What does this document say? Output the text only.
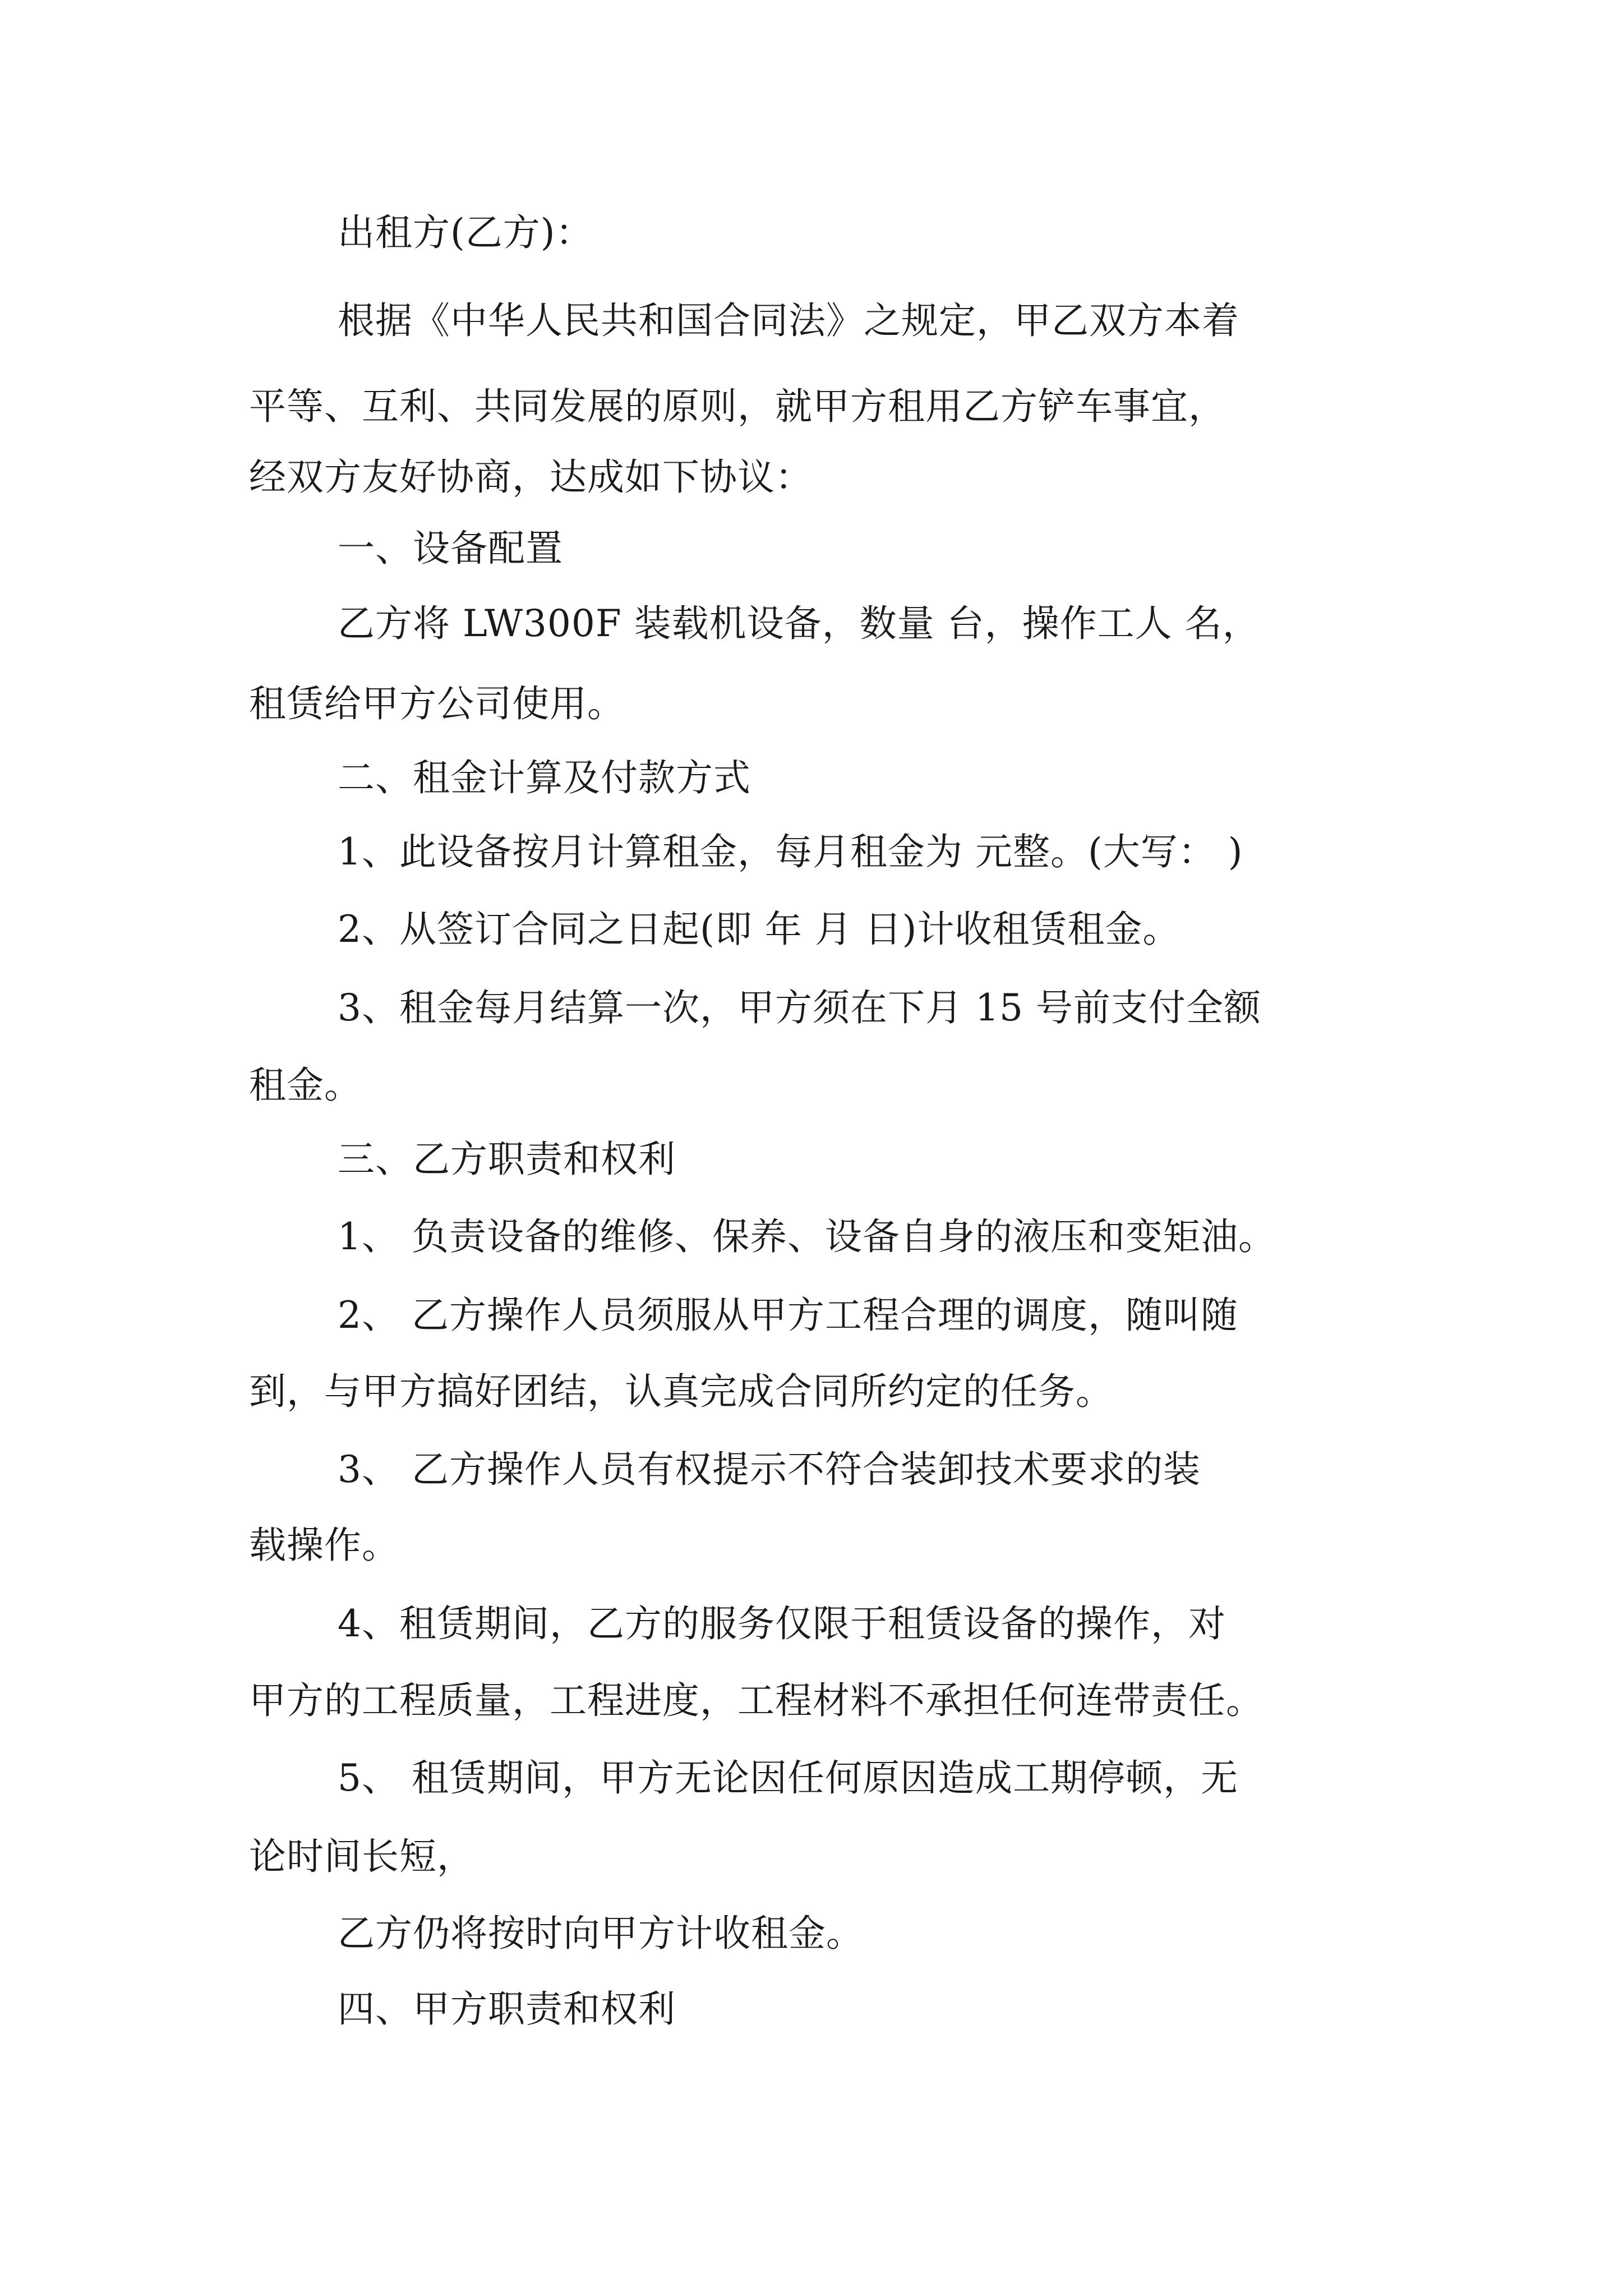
出租方(乙方)：

根据《中华人民共和国合同法》之规定，甲乙双方本着

平等、互利、共同发展的原则，就甲方租用乙方铲车事宜，

经双方友好协商，达成如下协议：

一、设备配置

乙方将 LW300F 装载机设备，数量 台，操作工人 名，

租赁给甲方公司使用。

二、租金计算及付款方式

1、此设备按月计算租金，每月租金为 元整。(大写： )

2、从签订合同之日起(即 年 月 日)计收租赁租金。

3、租金每月结算一次，甲方须在下月 15 号前支付全额

租金。

三、乙方职责和权利

1、 负责设备的维修、保养、设备自身的液压和变矩油。

2、 乙方操作人员须服从甲方工程合理的调度，随叫随

到，与甲方搞好团结，认真完成合同所约定的任务。

3、 乙方操作人员有权提示不符合装卸技术要求的装

载操作。

4、租赁期间，乙方的服务仅限于租赁设备的操作，对

甲方的工程质量，工程进度，工程材料不承担任何连带责任。

5、 租赁期间，甲方无论因任何原因造成工期停顿，无

论时间长短，

乙方仍将按时向甲方计收租金。

四、甲方职责和权利
